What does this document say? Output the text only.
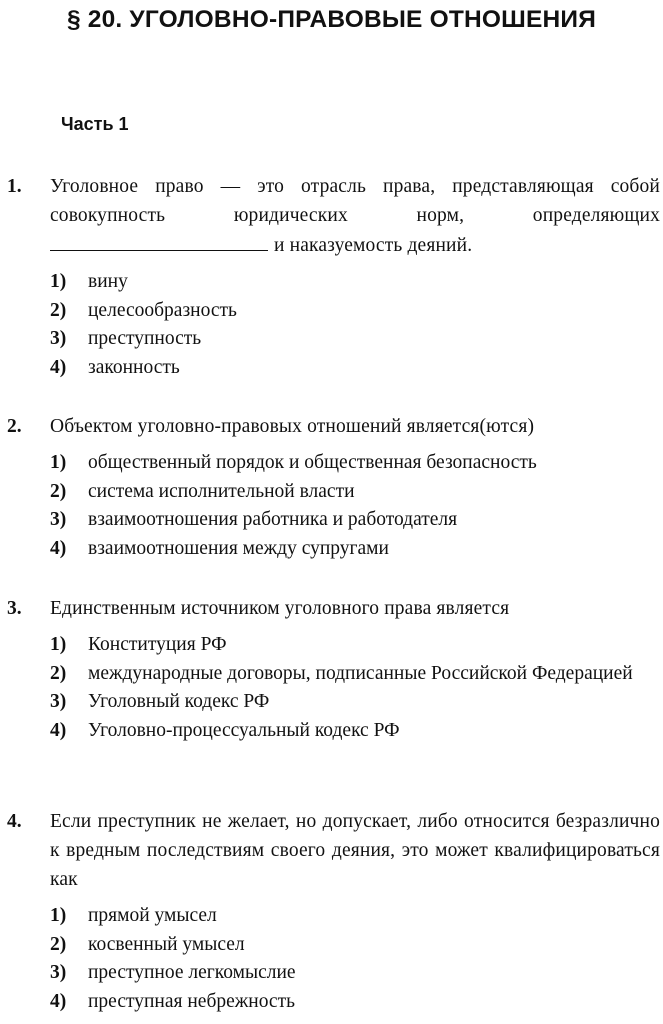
§ 20. УГОЛОВНО-ПРАВОВЫЕ ОТНОШЕНИЯ
Часть 1
1. Уголовное право — это отрасль права, представляющая собой совокупность юридических норм, определяющих и наказуемость деяний.
1)	вину
2)	целесообразность
3)	преступность
4)	законность
2. Объектом уголовно-правовых отношений является(ются)
1)	общественный порядок и общественная безопасность
2)	система исполнительной власти
3)	взаимоотношения работника и работодателя
4)	взаимоотношения между супругами
3. Единственным источником уголовного права является
1)	Конституция РФ
2)	международные договоры, подписанные Российской Федерацией
3)	Уголовный кодекс РФ
4)	Уголовно-процессуальный кодекс РФ
4. Если преступник не желает, но допускает, либо относится безразлично к вредным последствиям своего деяния, это может квалифицироваться как
1)	прямой умысел
2)	косвенный умысел
3)	преступное легкомыслие
4)	преступная небрежность
